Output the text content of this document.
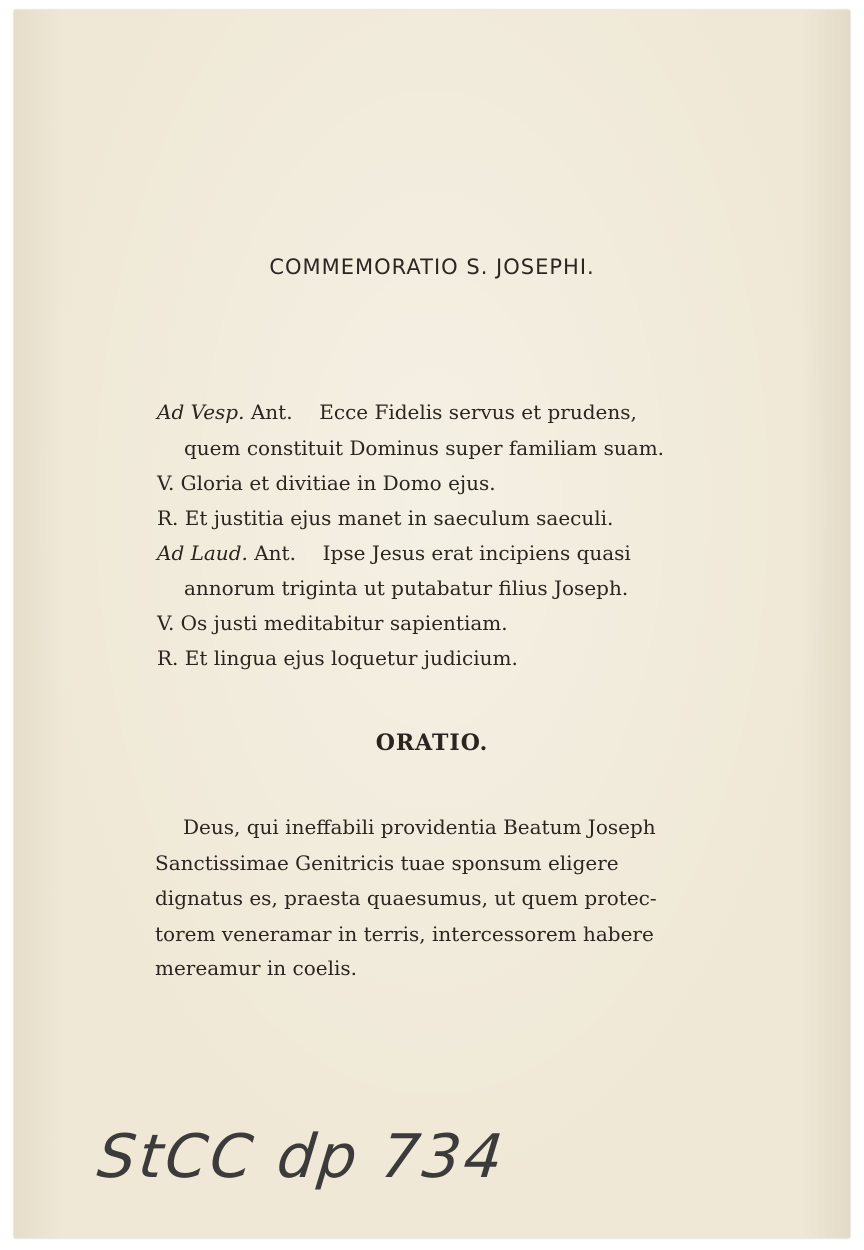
COMMEMORATIO S. JOSEPHI.
Ad Vesp. Ant. Ecce Fidelis servus et prudens,
quem constituit Dominus super familiam suam.
V. Gloria et divitiae in Domo ejus.
R. Et justitia ejus manet in saeculum saeculi.
Ad Laud. Ant. Ipse Jesus erat incipiens quasi
annorum triginta ut putabatur filius Joseph.
V. Os justi meditabitur sapientiam.
R. Et lingua ejus loquetur judicium.
ORATIO.
Deus, qui ineffabili providentia Beatum Joseph
Sanctissimae Genitricis tuae sponsum eligere
dignatus es, praesta quaesumus, ut quem protec-
torem veneramar in terris, intercessorem habere
mereamur in coelis.
StCC dp 734
